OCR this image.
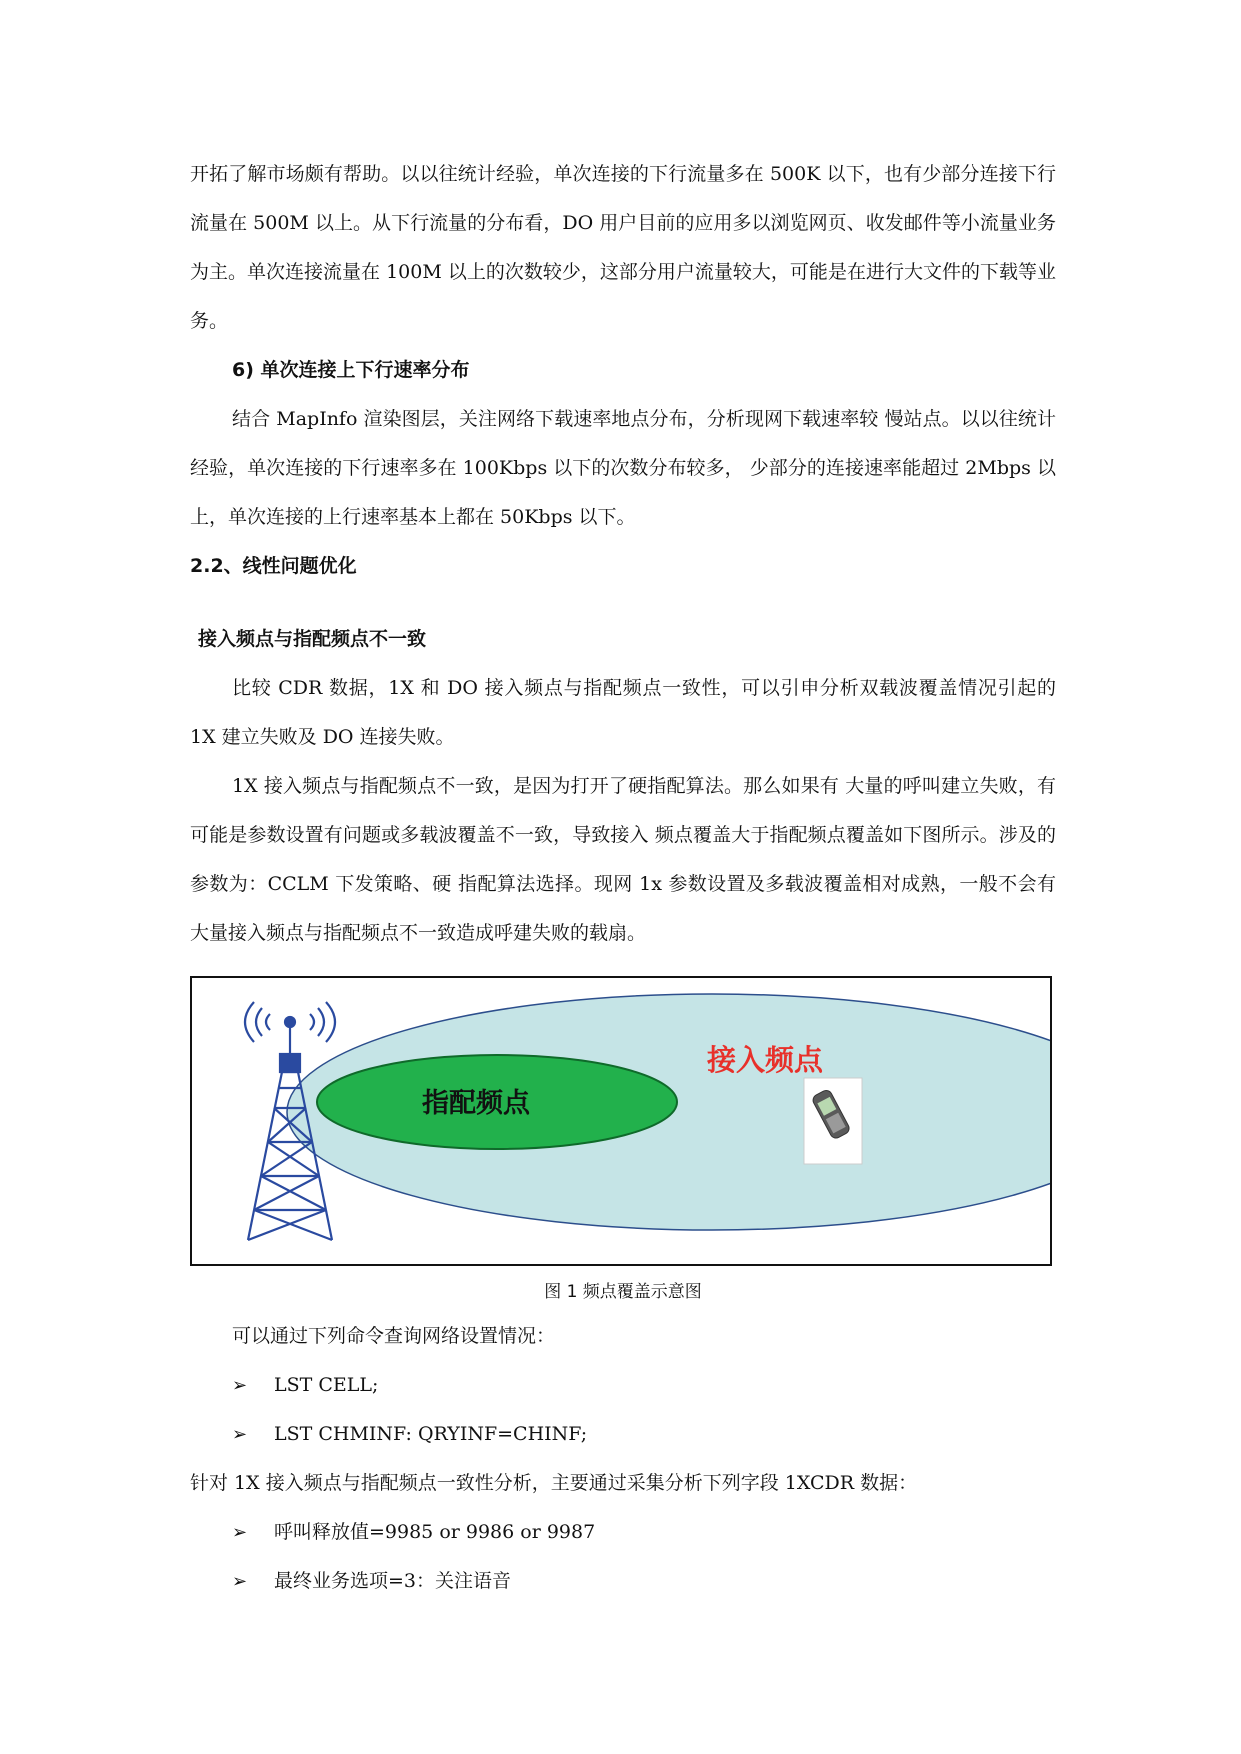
开拓了解市场颇有帮助。以以往统计经验，单次连接的下行流量多在 500K 以下，也有少部分连接下行流量在 500M 以上。从下行流量的分布看，DO 用户目前的应用多以浏览网页、收发邮件等小流量业务为主。单次连接流量在 100M 以上的次数较少，这部分用户流量较大，可能是在进行大文件的下载等业务。

6) 单次连接上下行速率分布

结合 MapInfo 渲染图层，关注网络下载速率地点分布，分析现网下载速率较 慢站点。以以往统计经验，单次连接的下行速率多在 100Kbps 以下的次数分布较多， 少部分的连接速率能超过 2Mbps 以上，单次连接的上行速率基本上都在 50Kbps 以下。

2.2、线性问题优化

接入频点与指配频点不一致

比较 CDR 数据，1X 和 DO 接入频点与指配频点一致性，可以引申分析双载波覆盖情况引起的 1X 建立失败及 DO 连接失败。

1X 接入频点与指配频点不一致，是因为打开了硬指配算法。那么如果有 大量的呼叫建立失败，有可能是参数设置有问题或多载波覆盖不一致，导致接入 频点覆盖大于指配频点覆盖如下图所示。涉及的参数为：CCLM 下发策略、硬 指配算法选择。现网 1x 参数设置及多载波覆盖相对成熟，一般不会有大量接入频点与指配频点不一致造成呼建失败的载扇。

指配频点
接入频点

图 1 频点覆盖示意图

可以通过下列命令查询网络设置情况：

➢	LST CELL;
➢	LST CHMINF: QRYINF=CHINF;

针对 1X 接入频点与指配频点一致性分析，主要通过采集分析下列字段 1XCDR 数据：

➢	呼叫释放值=9985 or 9986 or 9987
➢	最终业务选项=3：关注语音
